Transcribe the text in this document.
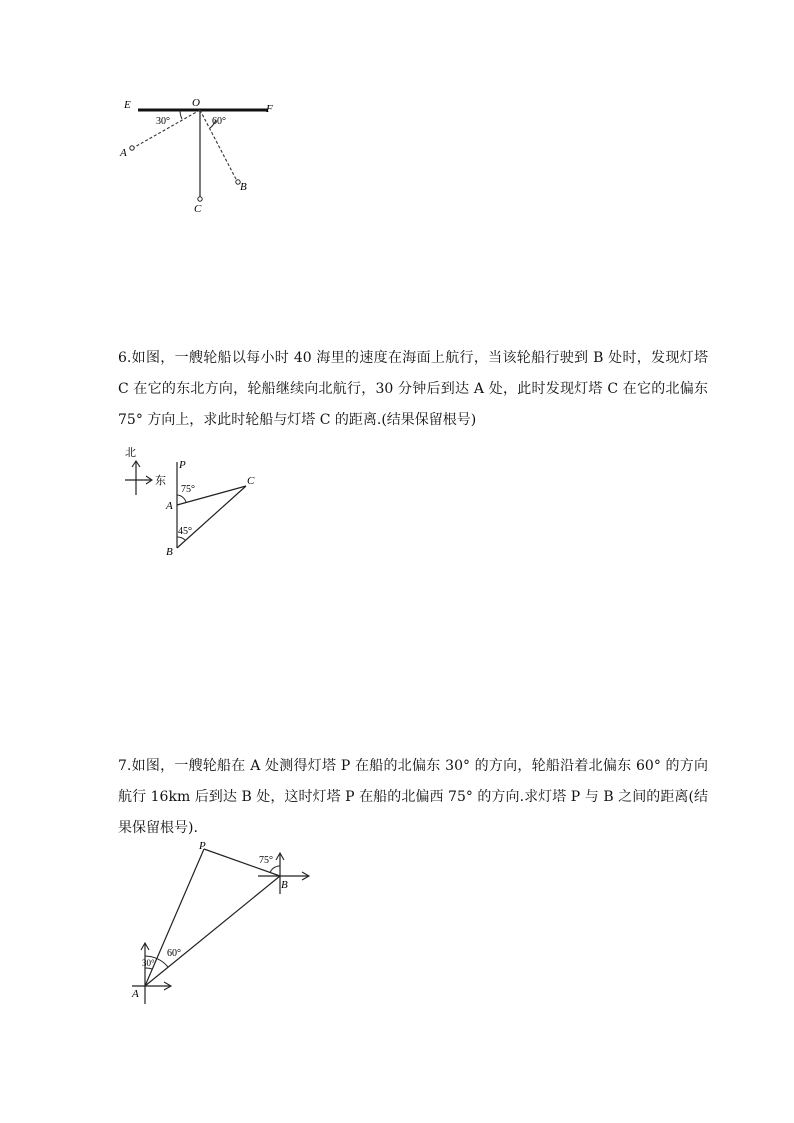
E	O	F
A
B
C
30°	60°

6.如图，一艘轮船以每小时 40 海里的速度在海面上航行，当该轮船行驶到 B 处时，发现灯塔 C 在它的东北方向，轮船继续向北航行，30 分钟后到达 A 处，此时发现灯塔 C 在它的北偏东 75° 方向上，求此时轮船与灯塔 C 的距离.(结果保留根号)

北
东
P
A
B
C
75°
45°

7.如图，一艘轮船在 A 处测得灯塔 P 在船的北偏东 30° 的方向，轮船沿着北偏东 60° 的方向航行 16km 后到达 B 处，这时灯塔 P 在船的北偏西 75° 的方向.求灯塔 P 与 B 之间的距离(结果保留根号).

P
A
B
30°
60°
75°
